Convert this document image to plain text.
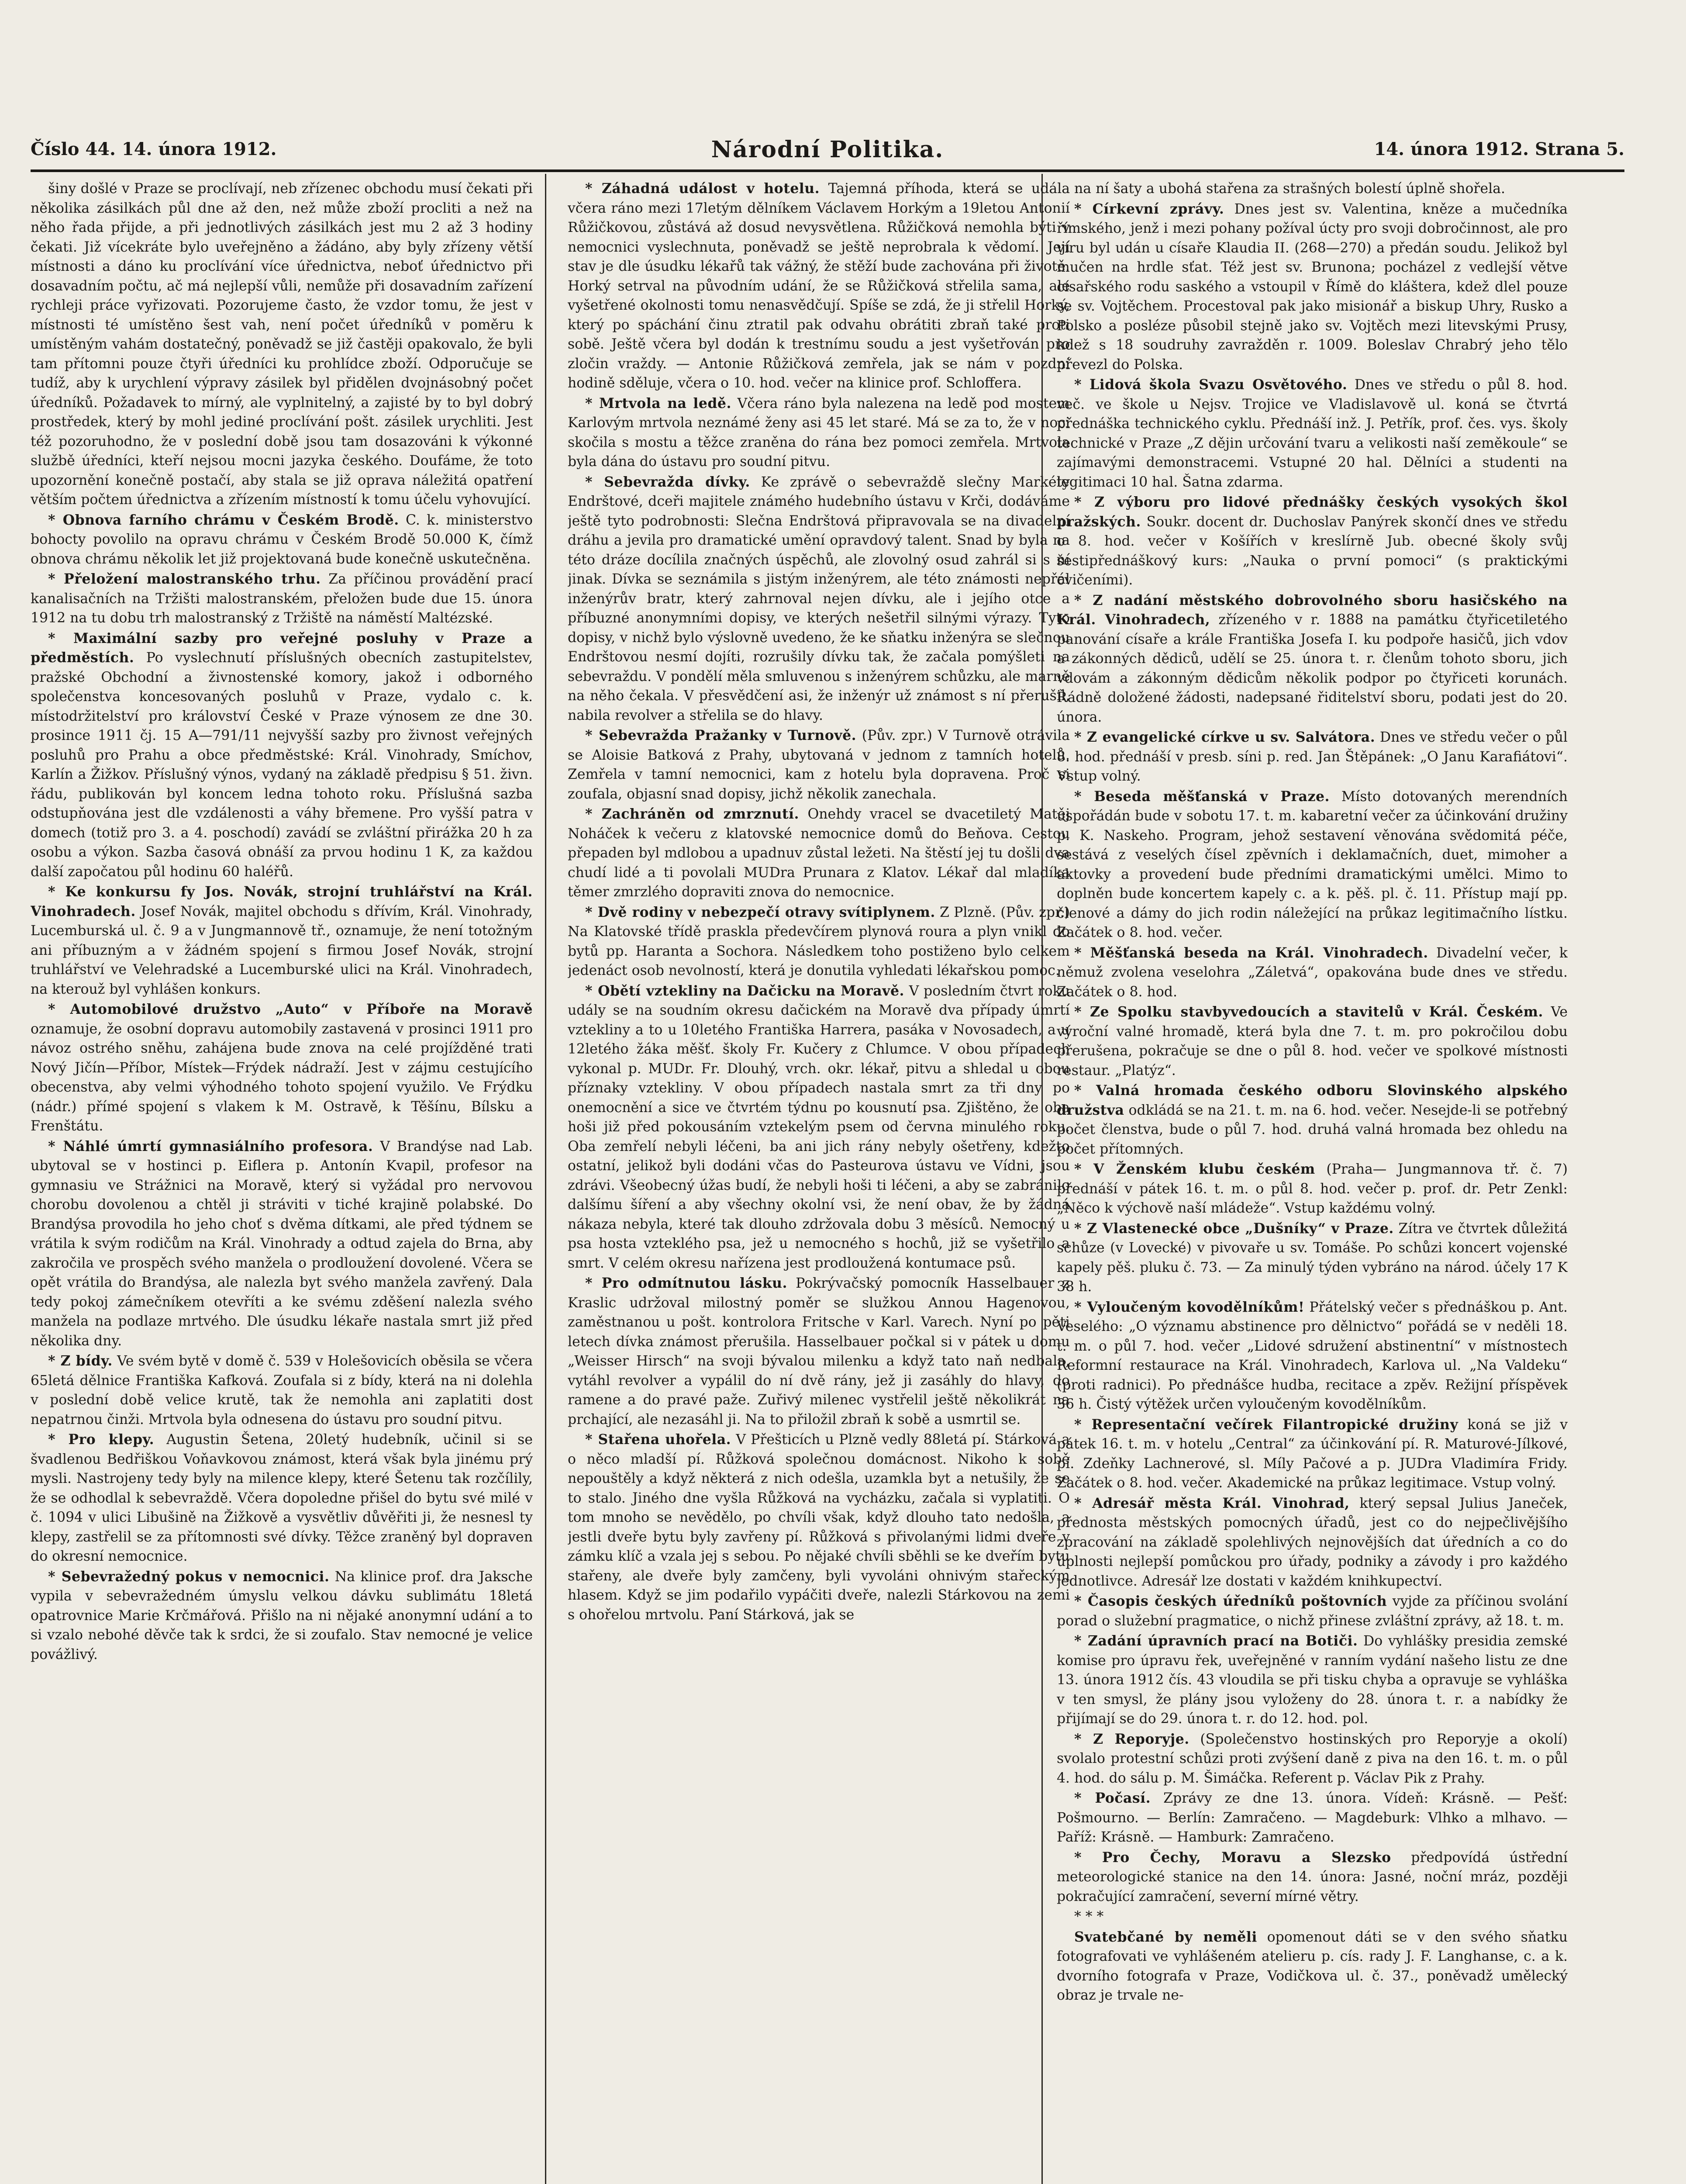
Číslo 44. 14. února 1912.	Národní Politika.	14. února 1912. Strana 5.

šiny došlé v Praze se proclívají, neb zřízenec obchodu musí čekati při několika zásilkách půl dne až den, než může zboží procliti a než na něho řada přijde, a při jednotlivých zásilkách jest mu 2 až 3 hodiny čekati. Již vícekráte bylo uveřejněno a žádáno, aby byly zřízeny větší místnosti a dáno ku proclívání více úřednictva, neboť úřednictvo při dosavadním počtu, ač má nejlepší vůli, nemůže při dosavadním zařízení rychleji práce vyřizovati. Pozorujeme často, že vzdor tomu, že jest v místnosti té umístěno šest vah, není počet úředníků v poměru k umístěným vahám dostatečný, poněvadž se již častěji opakovalo, že byli tam přítomni pouze čtyři úředníci ku prohlídce zboží. Odporučuje se tudíž, aby k urychlení výpravy zásilek byl přidělen dvojnásobný počet úředníků. Požadavek to mírný, ale vyplnitelný, a zajisté by to byl dobrý prostředek, který by mohl jediné proclívání pošt. zásilek urychliti. Jest též pozoruhodno, že v poslední době jsou tam dosazováni k výkonné službě úředníci, kteří nejsou mocni jazyka českého. Doufáme, že toto upozornění konečně postačí, aby stala se již oprava náležitá opatření větším počtem úřednictva a zřízením místností k tomu účelu vyhovující.

* Obnova farního chrámu v Českém Brodě. C. k. ministerstvo bohocty povolilo na opravu chrámu v Českém Brodě 50.000 K, čímž obnova chrámu několik let již projektovaná bude konečně uskutečněna.

* Přeložení malostranského trhu. Za příčinou provádění prací kanalisačních na Tržišti malostranském, přeložen bude due 15. února 1912 na tu dobu trh malostranský z Tržiště na náměstí Maltézské.

* Maximální sazby pro veřejné posluhy v Praze a předměstích. Po vyslechnutí příslušných obecních zastupitelstev, pražské Obchodní a živnostenské komory, jakož i odborného společenstva koncesovaných posluhů v Praze, vydalo c. k. místodržitelství pro království České v Praze výnosem ze dne 30. prosince 1911 čj. 15 A—791/11 nejvyšší sazby pro živnost veřejných posluhů pro Prahu a obce předměstské: Král. Vinohrady, Smíchov, Karlín a Žižkov. Příslušný výnos, vydaný na základě předpisu § 51. živn. řádu, publikován byl koncem ledna tohoto roku. Příslušná sazba odstupňována jest dle vzdálenosti a váhy břemene. Pro vyšší patra v domech (totiž pro 3. a 4. poschodí) zavádí se zvláštní přirážka 20 h za osobu a výkon. Sazba časová obnáší za prvou hodinu 1 K, za každou další započatou půl hodinu 60 haléřů.

* Ke konkursu fy Jos. Novák, strojní truhlářství na Král. Vinohradech. Josef Novák, majitel obchodu s dřívím, Král. Vinohrady, Lucemburská ul. č. 9 a v Jungmannově tř., oznamuje, že není totožným ani příbuzným a v žádném spojení s firmou Josef Novák, strojní truhlářství ve Velehradské a Lucemburské ulici na Král. Vinohradech, na kterouž byl vyhlášen konkurs.

* Automobilové družstvo „Auto“ v Příboře na Moravě oznamuje, že osobní dopravu automobily zastavená v prosinci 1911 pro návoz ostrého sněhu, zahájena bude znova na celé projížděné trati Nový Jičín—Příbor, Místek—Frýdek nádraží. Jest v zájmu cestujícího obecenstva, aby velmi výhodného tohoto spojení využilo. Ve Frýdku (nádr.) přímé spojení s vlakem k M. Ostravě, k Těšínu, Bílsku a Frenštátu.

* Náhlé úmrtí gymnasiálního profesora. V Brandýse nad Lab. ubytoval se v hostinci p. Eiflera p. Antonín Kvapil, profesor na gymnasiu ve Strážnici na Moravě, který si vyžádal pro nervovou chorobu dovolenou a chtěl ji stráviti v tiché krajině polabské. Do Brandýsa provodila ho jeho choť s dvěma dítkami, ale před týdnem se vrátila k svým rodičům na Král. Vinohrady a odtud zajela do Brna, aby zakročila ve prospěch svého manžela o prodloužení dovolené. Včera se opět vrátila do Brandýsa, ale nalezla byt svého manžela zavřený. Dala tedy pokoj zámečníkem otevříti a ke svému zděšení nalezla svého manžela na podlaze mrtvého. Dle úsudku lékaře nastala smrt již před několika dny.

* Z bídy. Ve svém bytě v domě č. 539 v Holešovicích oběsila se včera 65letá dělnice Františka Kafková. Zoufala si z bídy, která na ni dolehla v poslední době velice krutě, tak že nemohla ani zaplatiti dost nepatrnou činži. Mrtvola byla odnesena do ústavu pro soudní pitvu.

* Pro klepy. Augustin Šetena, 20letý hudebník, učinil si se švadlenou Bedřiškou Voňavkovou známost, která však byla jinému prý mysli. Nastrojeny tedy byly na milence klepy, které Šetenu tak rozčílily, že se odhodlal k sebevraždě. Včera dopoledne přišel do bytu své milé v č. 1094 v ulici Libušině na Žižkově a vysvětliv důvěřiti ji, že nesnesl ty klepy, zastřelil se za přítomnosti své dívky. Těžce zraněný byl dopraven do okresní nemocnice.

* Sebevražedný pokus v nemocnici. Na klinice prof. dra Jaksche vypila v sebevražedném úmyslu velkou dávku sublimátu 18letá opatrovnice Marie Krčmářová. Přišlo na ni nějaké anonymní udání a to si vzalo nebohé děvče tak k srdci, že si zoufalo. Stav nemocné je velice povážlivý.

* Záhadná událost v hotelu. Tajemná příhoda, která se udála včera ráno mezi 17letým dělníkem Václavem Horkým a 19letou Antonií Růžičkovou, zůstává až dosud nevysvětlena. Růžičková nemohla býti v nemocnici vyslechnuta, poněvadž se ještě neprobrala k vědomí. Její stav je dle úsudku lékařů tak vážný, že stěží bude zachována při životě. Horký setrval na původním udání, že se Růžičková střelila sama, ale vyšetřené okolnosti tomu nenasvědčují. Spíše se zdá, že ji střelil Horký, který po spáchání činu ztratil pak odvahu obrátiti zbraň také proti sobě. Ještě včera byl dodán k trestnímu soudu a jest vyšetřován pro zločin vraždy. — Antonie Růžičková zemřela, jak se nám v pozdní hodině sděluje, včera o 10. hod. večer na klinice prof. Schloffera.

* Mrtvola na ledě. Včera ráno byla nalezena na ledě pod mostem Karlovým mrtvola neznámé ženy asi 45 let staré. Má se za to, že v noci skočila s mostu a těžce zraněna do rána bez pomoci zemřela. Mrtvola byla dána do ústavu pro soudní pitvu.

* Sebevražda dívky. Ke zprávě o sebevraždě slečny Markéty Endrštové, dceři majitele známého hudebního ústavu v Krči, dodáváme ještě tyto podrobnosti: Slečna Endrštová připravovala se na divadelní dráhu a jevila pro dramatické umění opravdový talent. Snad by byla na této dráze docílila značných úspěchů, ale zlovolný osud zahrál si s ní jinak. Dívka se seznámila s jistým inženýrem, ale této známosti nepřál inženýrův bratr, který zahrnoval nejen dívku, ale i jejího otce a příbuzné anonymními dopisy, ve kterých nešetřil silnými výrazy. Tyto dopisy, v nichž bylo výslovně uvedeno, že ke sňatku inženýra se slečnou Endrštovou nesmí dojíti, rozrušily dívku tak, že začala pomýšleti na sebevraždu. V pondělí měla smluvenou s inženýrem schůzku, ale marně na něho čekala. V přesvědčení asi, že inženýr už známost s ní přerušil, nabila revolver a střelila se do hlavy.

* Sebevražda Pražanky v Turnově. (Pův. zpr.) V Turnově otrávila se Aloisie Batková z Prahy, ubytovaná v jednom z tamních hotelů. Zemřela v tamní nemocnici, kam z hotelu byla dopravena. Proč si zoufala, objasní snad dopisy, jichž několik zanechala.

* Zachráněn od zmrznutí. Onehdy vracel se dvacetiletý Matěj Noháček k večeru z klatovské nemocnice domů do Beňova. Cestou přepaden byl mdlobou a upadnuv zůstal ležeti. Na štěstí jej tu došli dva chudí lidé a ti povolali MUDra Prunara z Klatov. Lékař dal mladíka těmer zmrzlého dopraviti znova do nemocnice.

* Dvě rodiny v nebezpečí otravy svítiplynem. Z Plzně. (Pův. zpr.) Na Klatovské třídě praskla předevčírem plynová roura a plyn vnikl do bytů pp. Haranta a Sochora. Následkem toho postiženo bylo celkem jedenáct osob nevolností, která je donutila vyhledati lékařskou pomoc.

* Obětí vztekliny na Dačicku na Moravě. V posledním čtvrt roku udály se na soudním okresu dačickém na Moravě dva případy úmrtí vztekliny a to u 10letého Františka Harrera, pasáka v Novosadech, a u 12letého žáka měšť. školy Fr. Kučery z Chlumce. V obou případech vykonal p. MUDr. Fr. Dlouhý, vrch. okr. lékař, pitvu a shledal u obou příznaky vztekliny. V obou případech nastala smrt za tři dny po onemocnění a sice ve čtvrtém týdnu po kousnutí psa. Zjištěno, že oba hoši již před pokousáním vztekelým psem od června minulého roku. Oba zemřelí nebyli léčeni, ba ani jich rány nebyly ošetřeny, kdežto ostatní, jelikož byli dodáni včas do Pasteurova ústavu ve Vídni, jsou zdrávi. Všeobecný úžas budí, že nebyli hoši ti léčeni, a aby se zabránilo dalšímu šíření a aby všechny okolní vsi, že není obav, že by žádná nákaza nebyla, které tak dlouho zdržovala dobu 3 měsíců. Nemocný u psa hosta vzteklého psa, jež u nemocného s hochů, již se vyšetřilo a smrt. V celém okresu nařízena jest prodloužená kontumace psů.

* Pro odmítnutou lásku. Pokrývačský pomocník Hasselbauer z Kraslic udržoval milostný poměr se služkou Annou Hagenovou, zaměstnanou u pošt. kontrolora Fritsche v Karl. Varech. Nyní po pěti letech dívka známost přerušila. Hasselbauer počkal si v pátek u domu „Weisser Hirsch“ na svoji bývalou milenku a když tato naň nedbala, vytáhl revolver a vypálil do ní dvě rány, jež ji zasáhly do hlavy, do ramene a do pravé paže. Zuřivý milenec vystřelil ještě několikrát na prchající, ale nezasáhl ji. Na to přiložil zbraň k sobě a usmrtil se.

* Stařena uhořela. V Přešticích u Plzně vedly 88letá pí. Stárková a o něco mladší pí. Růžková společnou domácnost. Nikoho k sobě nepouštěly a když některá z nich odešla, uzamkla byt a netušily, že se to stalo. Jiného dne vyšla Růžková na vycházku, začala si vyplatiti. O tom mnoho se nevědělo, po chvíli však, když dlouho tato nedošla, a jestli dveře bytu byly zavřeny pí. Růžková s přivolanými lidmi dveře v zámku klíč a vzala jej s sebou. Po nějaké chvíli sběhli se ke dveřím bytu stařeny, ale dveře byly zamčeny, byli vyvoláni ohnivým stařeckým hlasem. Když se jim podařilo vypáčiti dveře, nalezli Stárkovou na zemi s ohořelou mrtvolu. Paní Stárková, jak se

na ní šaty a ubohá stařena za strašných bolestí úplně shořela.

* Církevní zprávy. Dnes jest sv. Valentina, kněze a mučedníka římského, jenž i mezi pohany požíval úcty pro svoji dobročinnost, ale pro víru byl udán u císaře Klaudia II. (268—270) a předán soudu. Jelikož byl mučen na hrdle sťat. Též jest sv. Brunona; pocházel z vedlejší větve císařského rodu saského a vstoupil v Římě do kláštera, kdež dlel pouze se sv. Vojtěchem. Procestoval pak jako misionář a biskup Uhry, Rusko a Polsko a posléze působil stejně jako sv. Vojtěch mezi litevskými Prusy, kdež s 18 soudruhy zavražděn r. 1009. Boleslav Chrabrý jeho tělo převezl do Polska.

* Lidová škola Svazu Osvětového. Dnes ve středu o půl 8. hod. več. ve škole u Nejsv. Trojice ve Vladislavově ul. koná se čtvrtá přednáška technického cyklu. Přednáší inž. J. Petřík, prof. čes. vys. školy technické v Praze „Z dějin určování tvaru a velikosti naší zeměkoule“ se zajímavými demonstracemi. Vstupné 20 hal. Dělníci a studenti na legitimaci 10 hal. Šatna zdarma.

* Z výboru pro lidové přednášky českých vysokých škol pražských. Soukr. docent dr. Duchoslav Panýrek skončí dnes ve středu o 8. hod. večer v Košířích v kreslírně Jub. obecné školy svůj šestipřednáškový kurs: „Nauka o první pomoci“ (s praktickými cvičeními).

* Z nadání městského dobrovolného sboru hasičského na Král. Vinohradech, zřízeného v r. 1888 na památku čtyřicetiletého panování císaře a krále Františka Josefa I. ku podpoře hasičů, jich vdov a zákonných dědiců, udělí se 25. února t. r. členům tohoto sboru, jich vdovám a zákonným dědicům několik podpor po čtyřiceti korunách. Řádně doložené žádosti, nadepsané řiditelství sboru, podati jest do 20. února.

* Z evangelické církve u sv. Salvátora. Dnes ve středu večer o půl 8. hod. přednáší v presb. síni p. red. Jan Štěpánek: „O Janu Karafiátovi“. Vstup volný.

* Beseda měšťanská v Praze. Místo dotovaných merendních uspořádán bude v sobotu 17. t. m. kabaretní večer za účinkování družiny p. K. Naskeho. Program, jehož sestavení věnována svědomitá péče, sestává z veselých čísel zpěvních i deklamačních, duet, mimoher a aktovky a provedení bude předními dramatickými umělci. Mimo to doplněn bude koncertem kapely c. a k. pěš. pl. č. 11. Přístup mají pp. členové a dámy do jich rodin náležející na průkaz legitimačního lístku. Začátek o 8. hod. večer.

* Měšťanská beseda na Král. Vinohradech. Divadelní večer, k němuž zvolena veselohra „Záletvá“, opakována bude dnes ve středu. Začátek o 8. hod.

* Ze Spolku stavbyvedoucích a stavitelů v Král. Českém. Ve výroční valné hromadě, která byla dne 7. t. m. pro pokročilou dobu přerušena, pokračuje se dne o půl 8. hod. večer ve spolkové místnosti restaur. „Platýz“.

* Valná hromada českého odboru Slovinského alpského družstva odkládá se na 21. t. m. na 6. hod. večer. Nesejde-li se potřebný počet členstva, bude o půl 7. hod. druhá valná hromada bez ohledu na počet přítomných.

* V Ženském klubu českém (Praha— Jungmannova tř. č. 7) přednáší v pátek 16. t. m. o půl 8. hod. večer p. prof. dr. Petr Zenkl: „Něco k výchově naší mládeže“. Vstup každému volný.

* Z Vlastenecké obce „Dušníky“ v Praze. Zítra ve čtvrtek důležitá schůze (v Lovecké) v pivovaře u sv. Tomáše. Po schůzi koncert vojenské kapely pěš. pluku č. 73. — Za minulý týden vybráno na národ. účely 17 K 38 h.

* Vyloučeným kovodělníkům! Přátelský večer s přednáškou p. Ant. Veselého: „O významu abstinence pro dělnictvo“ pořádá se v neděli 18. t. m. o půl 7. hod. večer „Lidové sdružení abstinentní“ v místnostech Reformní restaurace na Král. Vinohradech, Karlova ul. „Na Valdeku“ (proti radnici). Po přednášce hudba, recitace a zpěv. Režijní příspěvek 36 h. Čistý výtěžek určen vyloučeným kovodělníkům.

* Representační večírek Filantropické družiny koná se již v pátek 16. t. m. v hotelu „Central“ za účinkování pí. R. Maturové-Jílkové, pí. Zdeňky Lachnerové, sl. Míly Pačové a p. JUDra Vladimíra Fridy. Začátek o 8. hod. večer. Akademické na průkaz legitimace. Vstup volný.

* Adresář města Král. Vinohrad, který sepsal Julius Janeček, přednosta městských pomocných úřadů, jest co do nejpečlivějšího zpracování na základě spolehlivých nejnovějších dat úředních a co do úplnosti nejlepší pomůckou pro úřady, podniky a závody i pro každého jednotlivce. Adresář lze dostati v každém knihkupectví.

* Časopis českých úředníků poštovních vyjde za příčinou svolání porad o služební pragmatice, o nichž přinese zvláštní zprávy, až 18. t. m.

* Zadání úpravních prací na Botiči. Do vyhlášky presidia zemské komise pro úpravu řek, uveřejněné v ranním vydání našeho listu ze dne 13. února 1912 čís. 43 vloudila se při tisku chyba a opravuje se vyhláška v ten smysl, že plány jsou vyloženy do 28. února t. r. a nabídky že přijímají se do 29. února t. r. do 12. hod. pol.

* Z Reporyje. (Společenstvo hostinských pro Reporyje a okolí) svolalo protestní schůzi proti zvýšení daně z piva na den 16. t. m. o půl 4. hod. do sálu p. M. Šimáčka. Referent p. Václav Pik z Prahy.

* Počasí. Zprávy ze dne 13. února. Vídeň: Krásně. — Pešť: Pošmourno. — Berlín: Zamračeno. — Magdeburk: Vlhko a mlhavo. — Paříž: Krásně. — Hamburk: Zamračeno.

* Pro Čechy, Moravu a Slezsko předpovídá ústřední meteorologické stanice na den 14. února: Jasné, noční mráz, později pokračující zamračení, severní mírné větry.

* * *

Svatebčané by neměli opomenout dáti se v den svého sňatku fotografovati ve vyhlášeném atelieru p. cís. rady J. F. Langhanse, c. a k. dvorního fotografa v Praze, Vodičkova ul. č. 37., poněvadž umělecký obraz je trvale ne-
